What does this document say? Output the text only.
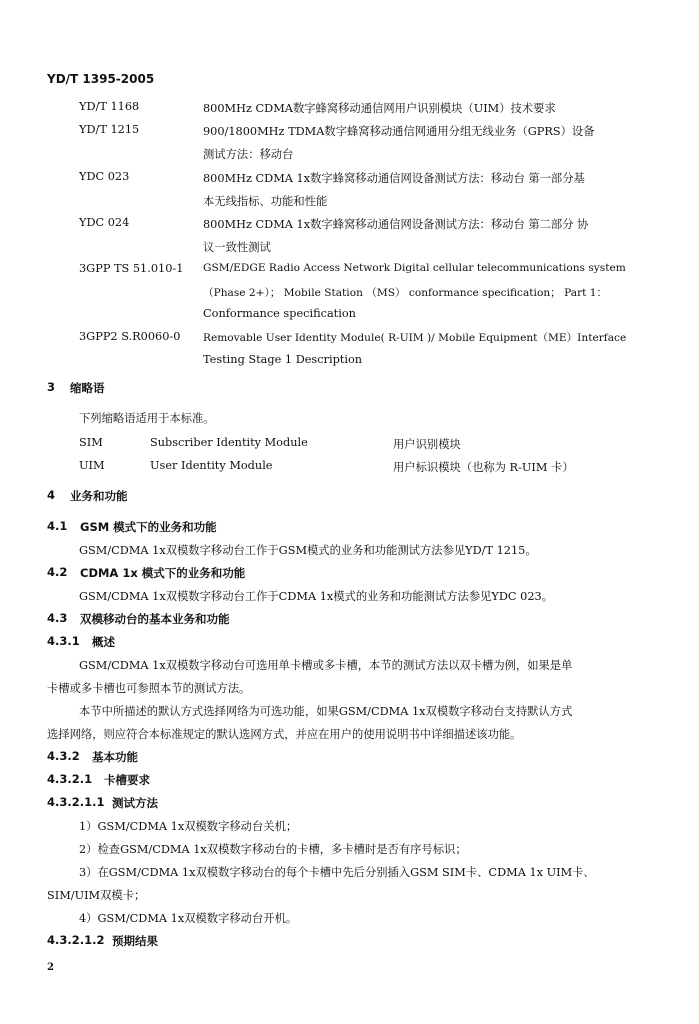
YD/T 1395-2005
YD/T 1168	800MHz CDMA数字蜂窝移动通信网用户识别模块（UIM）技术要求
YD/T 1215	900/1800MHz TDMA数字蜂窝移动通信网通用分组无线业务（GPRS）设备
测试方法：移动台
YDC 023	800MHz CDMA 1x数字蜂窝移动通信网设备测试方法：移动台 第一部分基
本无线指标、功能和性能
YDC 024	800MHz CDMA 1x数字蜂窝移动通信网设备测试方法：移动台 第二部分 协
议一致性测试
3GPP TS 51.010-1 GSM/EDGE Radio Access Network Digital cellular telecommunications system
（Phase 2+）； Mobile Station （MS） conformance specification； Part 1：
Conformance specification
3GPP2 S.R0060-0 Removable User Identity Module( R-UIM )/ Mobile Equipment（ME）Interface
Testing Stage 1 Description
3 缩略语
下列缩略语适用于本标准。
SIM	Subscriber Identity Module	用户识别模块
UIM	User Identity Module	用户标识模块（也称为 R-UIM 卡）
4 业务和功能
4.1 GSM 模式下的业务和功能
GSM/CDMA 1x双模数字移动台工作于GSM模式的业务和功能测试方法参见YD/T 1215。
4.2 CDMA 1x 模式下的业务和功能
GSM/CDMA 1x双模数字移动台工作于CDMA 1x模式的业务和功能测试方法参见YDC 023。
4.3 双模移动台的基本业务和功能
4.3.1 概述
GSM/CDMA 1x双模数字移动台可选用单卡槽或多卡槽，本节的测试方法以双卡槽为例，如果是单
卡槽或多卡槽也可参照本节的测试方法。
本节中所描述的默认方式选择网络为可选功能，如果GSM/CDMA 1x双模数字移动台支持默认方式
选择网络，则应符合本标准规定的默认选网方式，并应在用户的使用说明书中详细描述该功能。
4.3.2 基本功能
4.3.2.1 卡槽要求
4.3.2.1.1 测试方法
1）GSM/CDMA 1x双模数字移动台关机；
2）检查GSM/CDMA 1x双模数字移动台的卡槽，多卡槽时是否有序号标识；
3）在GSM/CDMA 1x双模数字移动台的每个卡槽中先后分别插入GSM SIM卡、CDMA 1x UIM卡、
SIM/UIM双模卡；
4）GSM/CDMA 1x双模数字移动台开机。
4.3.2.1.2 预期结果
2
